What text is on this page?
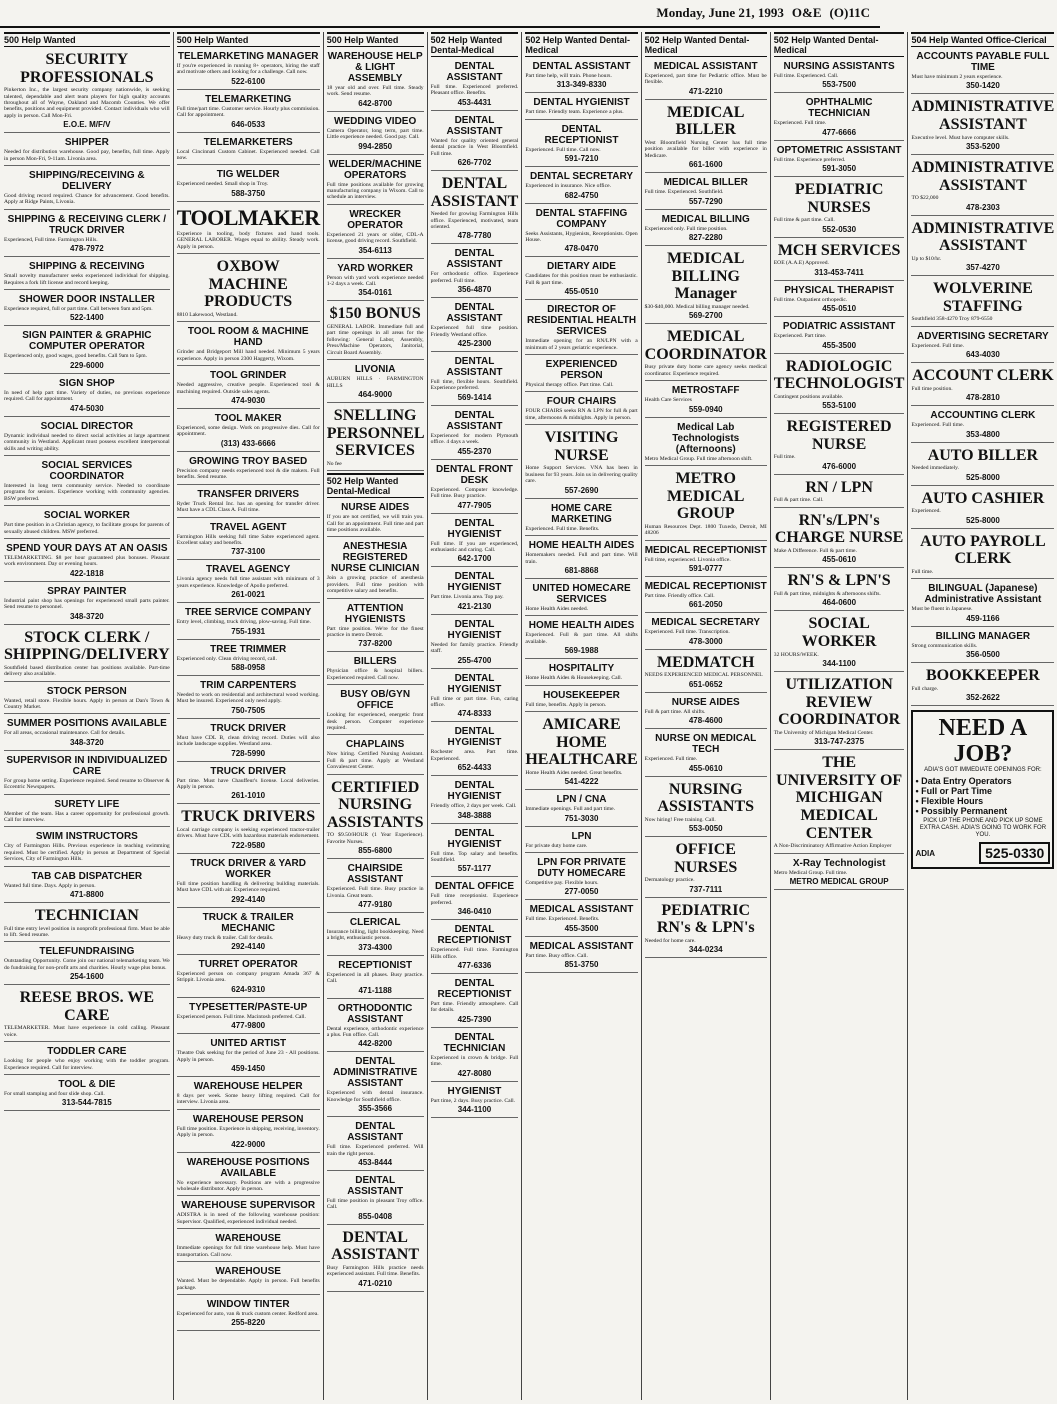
Monday, June 21, 1993 O&E (O)11C
500 Help Wanted
SECURITY PROFESSIONALS

Pinkerton Inc., the largest security company nationwide, is seeking talented, dependable and alert team players for high quality accounts throughout all of Wayne, Oakland and Macomb Counties. We offer benefits, positions and equipment provided. Contact individuals who will apply in person. Call Mon-Fri.

E.O.E. M/F/V
SHIPPER

Needed for distribution warehouse. Good pay, benefits, full time. Apply in person Mon-Fri, 9-11am. Livonia area.

SHIPPING/RECEIVING & DELIVERY

Good driving record required. Chance for advancement. Good benefits. Apply at Ridge Paints, Livonia.

SHIPPING & RECEIVING CLERK / TRUCK DRIVER

Experienced, Full time. Farmington Hills.

478-7972
SHIPPING & RECEIVING

Small novelty manufacturer seeks experienced individual for shipping. Requires a fork lift license and record keeping.

SHOWER DOOR INSTALLER

Experience required, full or part time. Call between 9am and 5pm.

522-1400
SIGN PAINTER & GRAPHIC COMPUTER OPERATOR

Experienced only, good wages, good benefits. Call 9am to 5pm.

229-6000
SIGN SHOP

In need of help part time. Variety of duties, no previous experience required. Call for appointment.

474-5030
SOCIAL DIRECTOR

Dynamic individual needed to direct social activities at large apartment community in Westland. Applicant must possess excellent interpersonal skills and writing ability.

SOCIAL SERVICES COORDINATOR

Interested in long term community service. Needed to coordinate programs for seniors. Experience working with community agencies. BSW preferred.

SOCIAL WORKER

Part time position in a Christian agency, to facilitate groups for parents of sexually abused children. MSW preferred.

SPEND YOUR DAYS AT AN OASIS

TELEMARKETING. $8 per hour guaranteed plus bonuses. Pleasant work environment. Day or evening hours.

422-1818
SPRAY PAINTER

Industrial paint shop has openings for experienced small parts painter. Send resume to personnel.

348-3720
STOCK CLERK / SHIPPING/DELIVERY

Southfield based distribution center has positions available. Part-time delivery also available.

STOCK PERSON

Wanted, retail store. Flexible hours. Apply in person at Dan's Town & Country Market.

SUMMER POSITIONS AVAILABLE

For all areas, occasional maintenance. Call for details.

348-3720
SUPERVISOR IN INDIVIDUALIZED CARE

For group home setting. Experience required. Send resume to Observer & Eccentric Newspapers.

SURETY LIFE

Member of the team. Has a career opportunity for professional growth. Call for interview.

SWIM INSTRUCTORS

City of Farmington Hills. Previous experience in teaching swimming required. Must be certified. Apply in person at Department of Special Services, City of Farmington Hills.

TAB CAB DISPATCHER

Wanted full time. Days. Apply in person.

471-8800
TECHNICIAN

Full time entry level position in nonprofit professional firm. Must be able to lift. Send resume.

TELEFUNDRAISING

Outstanding Opportunity. Come join our national telemarketing team. We do fundraising for non-profit arts and charities. Hourly wage plus bonus.

254-1600
REESE BROS. WE CARE

TELEMARKETER. Must have experience in cold calling. Pleasant voice.

TODDLER CARE

Looking for people who enjoy working with the toddler program. Experience required. Call for interview.

TOOL & DIE

For small stamping and four slide shop. Call.

313-544-7815
500 Help Wanted
TELEMARKETING MANAGER

If you're experienced in running 8+ operators, hiring the staff and motivate others and looking for a challenge. Call now.

522-6100
TELEMARKETING

Full time/part time. Customer service. Hourly plus commission. Call for appointment.

646-0533
TELEMARKETERS

Local Cincinnati Custom Cabinet. Experienced needed. Call now.

TIG WELDER

Experienced needed. Small shop in Troy.

588-3750
TOOLMAKER

Experience in tooling, body fixtures and hand tools. GENERAL LABORER. Wages equal to ability. Steady work. Apply in person.

OXBOW MACHINE PRODUCTS

8810 Lakewood, Westland.

TOOL ROOM & MACHINE HAND

Grinder and Bridgeport Mill hand needed. Minimum 5 years experience. Apply in person 2300 Haggerty, Wixom.

TOOL GRINDER

Needed aggressive, creative people. Experienced tool & machining required. Outside sales agents.

474-9030
TOOL MAKER

Experienced, some design. Work on progressive dies. Call for appointment.

(313) 433-6666
GROWING TROY BASED

Precision company needs experienced tool & die makers. Full benefits. Send resume.

TRANSFER DRIVERS

Ryder Truck Rental Inc. has an opening for transfer driver. Must have a CDL Class A. Full time.

TRAVEL AGENT

Farmington Hills seeking full time Sabre experienced agent. Excellent salary and benefits.

737-3100
TRAVEL AGENCY

Livonia agency needs full time assistant with minimum of 3 years experience. Knowledge of Apollo preferred.

261-0021
TREE SERVICE COMPANY

Entry level, climbing, truck driving, plow-saving. Full time.

755-1931
TREE TRIMMER

Experienced only. Clean driving record, call.

588-0958
TRIM CARPENTERS

Needed to work on residential and architectural wood working. Must be insured. Experienced only need apply.

750-7505
TRUCK DRIVER

Must have CDL B, clean driving record. Duties will also include landscape supplies. Westland area.

728-5990
TRUCK DRIVER

Part time. Must have Chauffeur's license. Local deliveries. Apply in person.

261-1010
TRUCK DRIVERS

Local carriage company is seeking experienced tractor-trailer drivers. Must have CDL with hazardous materials endorsement.

722-9580
TRUCK DRIVER & YARD WORKER

Full time position handling & delivering building materials. Must have CDL with air. Experience required.

292-4140
TRUCK & TRAILER MECHANIC

Heavy duty truck & trailer. Call for details.

292-4140
TURRET OPERATOR

Experienced person on company program Amada 367 & Strippit. Livonia area.

624-9310
TYPESETTER/PASTE-UP

Experienced person. Full time. Macintosh preferred. Call.

477-9800
UNITED ARTIST

Theatre Oak seeking for the period of June 23 - All positions. Apply in person.

459-1450
WAREHOUSE HELPER

8 days per week. Some heavy lifting required. Call for interview. Livonia area.

WAREHOUSE PERSON

Full time position. Experience in shipping, receiving, inventory. Apply in person.

422-9000
WAREHOUSE POSITIONS AVAILABLE

No experience necessary. Positions are with a progressive wholesale distributor. Apply in person.

WAREHOUSE SUPERVISOR

ADISTRA is in need of the following warehouse position: Supervisor. Qualified, experienced individual needed.

WAREHOUSE

Immediate openings for full time warehouse help. Must have transportation. Call now.

WAREHOUSE

Wanted. Must be dependable. Apply in person. Full benefits package.

WINDOW TINTER

Experienced for auto, van & truck custom center. Redford area.

255-8220
500 Help Wanted
WAREHOUSE HELP & LIGHT ASSEMBLY

18 year old and over. Full time. Steady work. Send resume.

642-8700
WEDDING VIDEO

Camera Operator, long term, part time. Little experience needed. Good pay. Call.

994-2850
WELDER/MACHINE OPERATORS

Full time positions available for growing manufacturing company in Wixom. Call to schedule an interview.

WRECKER OPERATOR

Experienced 21 years or older, CDL-A license, good driving record. Southfield.

354-6113
YARD WORKER

Person with yard work experience needed 1-2 days a week. Call.

354-0161
$150 BONUS

GENERAL LABOR. Immediate full and part time openings in all areas for the following: General Labor, Assembly, Press/Machine Operators, Janitorial, Circuit Board Assembly.

LIVONIA

AUBURN HILLS · FARMINGTON HILLS

464-9000
SNELLING PERSONNEL SERVICES

No fee

502 Help Wanted Dental-Medical
NURSE AIDES

If you are not certified, we will train you. Call for an appointment. Full time and part time positions available.

ANESTHESIA REGISTERED NURSE CLINICIAN

Join a growing practice of anesthesia providers. Full time position with competitive salary and benefits.

ATTENTION HYGIENISTS

Part time position. We're for the finest practice in metro Detroit.

737-8200
BILLERS

Physician office & hospital billers. Experienced required. Call now.

BUSY OB/GYN OFFICE

Looking for experienced, energetic front desk person. Computer experience required.

CHAPLAINS

Now hiring. Certified Nursing Assistant. Full & part time. Apply at Westland Convalescent Center.

CERTIFIED NURSING ASSISTANTS

TO $9.50/HOUR (1 Year Experience). Favorite Nurses.

855-6800
CHAIRSIDE ASSISTANT

Experienced. Full time. Busy practice in Livonia. Great team.

477-9180
CLERICAL

Insurance billing, light bookkeeping. Need a bright, enthusiastic person.

373-4300
RECEPTIONIST

Experienced in all phases. Busy practice. Call.

471-1188
ORTHODONTIC ASSISTANT

Dental experience, orthodontic experience a plus. Fun office. Call.

442-8200
DENTAL ADMINISTRATIVE ASSISTANT

Experienced with dental insurance. Knowledge for Southfield office.

355-3566
DENTAL ASSISTANT

Full time. Experienced preferred. Will train the right person.

453-8444
DENTAL ASSISTANT

Full time position in pleasant Troy office. Call.

855-0408
DENTAL ASSISTANT

Busy Farmington Hills practice needs experienced assistant. Full time. Benefits.

471-0210
502 Help Wanted Dental-Medical
DENTAL ASSISTANT

Full time. Experienced preferred. Pleasant office. Benefits.

453-4431
DENTAL ASSISTANT

Wanted for quality oriented general dental practice in West Bloomfield. Full time.

626-7702
DENTAL ASSISTANT

Needed for growing Farmington Hills office. Experienced, motivated, team oriented.

478-7780
DENTAL ASSISTANT

For orthodontic office. Experience preferred. Full time.

356-4870
DENTAL ASSISTANT

Experienced full time position. Friendly Westland office.

425-2300
DENTAL ASSISTANT

Full time, flexible hours. Southfield. Experience preferred.

569-1414
DENTAL ASSISTANT

Experienced for modern Plymouth office. 4 days a week.

455-2370
DENTAL FRONT DESK

Experienced. Computer knowledge. Full time. Busy practice.

477-7905
DENTAL HYGIENIST

Full time. If you are experienced, enthusiastic and caring. Call.

642-1700
DENTAL HYGIENIST

Part time. Livonia area. Top pay.

421-2130
DENTAL HYGIENIST

Needed for family practice. Friendly staff.

255-4700
DENTAL HYGIENIST

Full time or part time. Fun, caring office.

474-8333
DENTAL HYGIENIST

Rochester area. Part time. Experienced.

652-4433
DENTAL HYGIENIST

Friendly office, 2 days per week. Call.

348-3888
DENTAL HYGIENIST

Full time. Top salary and benefits. Southfield.

557-1177
DENTAL OFFICE

Full time receptionist. Experience preferred.

346-0410
DENTAL RECEPTIONIST

Experienced. Full time. Farmington Hills office.

477-6336
DENTAL RECEPTIONIST

Part time. Friendly atmosphere. Call for details.

425-7390
DENTAL TECHNICIAN

Experienced in crown & bridge. Full time.

427-8080
HYGIENIST

Part time, 2 days. Busy practice. Call.

344-1100
502 Help Wanted Dental-Medical
DENTAL ASSISTANT

Part time help, will train. Phone hours.

313-349-8330
DENTAL HYGIENIST

Part time. Friendly team. Experience a plus.

DENTAL RECEPTIONIST

Experienced. Full time. Call now.

591-7210
DENTAL SECRETARY

Experienced in insurance. Nice office.

682-4750
DENTAL STAFFING COMPANY

Seeks Assistants, Hygienists, Receptionists. Open House.

478-0470
DIETARY AIDE

Candidates for this position must be enthusiastic. Full & part time.

455-0510
DIRECTOR OF RESIDENTIAL HEALTH SERVICES

Immediate opening for an RN/LPN with a minimum of 2 years geriatric experience.

EXPERIENCED PERSON

Physical therapy office. Part time. Call.

FOUR CHAIRS

FOUR CHAIRS seeks RN & LPN for full & part time, afternoons & midnights. Apply in person.

VISITING NURSE

Home Support Services. VNA has been in business for 93 years. Join us in delivering quality care.

557-2690
HOME CARE MARKETING

Experienced. Full time. Benefits.

HOME HEALTH AIDES

Homemakers needed. Full and part time. Will train.

681-8868
UNITED HOMECARE SERVICES

Home Health Aides needed.

HOME HEALTH AIDES

Experienced. Full & part time. All shifts available.

569-1988
HOSPITALITY

Home Health Aides & Housekeeping. Call.

HOUSEKEEPER

Full time, benefits. Apply in person.

AMICARE HOME HEALTHCARE

Home Health Aides needed. Great benefits.

541-4222
LPN / CNA

Immediate openings. Full and part time.

751-3030
LPN

For private duty home care.

LPN FOR PRIVATE DUTY HOMECARE

Competitive pay. Flexible hours.

277-0050
MEDICAL ASSISTANT

Full time. Experienced. Benefits.

455-3500
MEDICAL ASSISTANT

Part time. Busy office. Call.

851-3750
502 Help Wanted Dental-Medical
MEDICAL ASSISTANT

Experienced, part time for Pediatric office. Must be flexible.

471-2210
MEDICAL BILLER

West Bloomfield Nursing Center has full time position available for biller with experience in Medicare.

661-1600
MEDICAL BILLER

Full time. Experienced. Southfield.

557-7290
MEDICAL BILLING

Experienced only. Full time position.

827-2280
MEDICAL BILLING Manager

$30-$40,000. Medical billing manager needed.

569-2700
MEDICAL COORDINATOR

Busy private duty home care agency seeks medical coordinator. Experience required.

METROSTAFF

Health Care Services

559-0940
Medical Lab Technologists (Afternoons)

Metro Medical Group. Full time afternoon shift.

METRO MEDICAL GROUP

Human Resources Dept. 1800 Tuxedo, Detroit, MI 48206

MEDICAL RECEPTIONIST

Full time, experienced. Livonia office.

591-0777
MEDICAL RECEPTIONIST

Part time. Friendly office. Call.

661-2050
MEDICAL SECRETARY

Experienced. Full time. Transcription.

478-3000
MEDMATCH

NEEDS EXPERIENCED MEDICAL PERSONNEL

651-0652
NURSE AIDES

Full & part time. All shifts.

478-4600
NURSE ON MEDICAL TECH

Experienced. Full time.

455-0610
NURSING ASSISTANTS

Now hiring! Free training. Call.

553-0050
OFFICE NURSES

Dermatology practice.

737-7111
PEDIATRIC RN's & LPN's

Needed for home care.

344-0234
502 Help Wanted Dental-Medical
NURSING ASSISTANTS

Full time. Experienced. Call.

553-7500
OPHTHALMIC TECHNICIAN

Experienced. Full time.

477-6666
OPTOMETRIC ASSISTANT

Full time. Experience preferred.

591-3050
PEDIATRIC NURSES

Full time & part time. Call.

552-0530
MCH SERVICES

EOE (A.A.E) Approved.

313-453-7411
PHYSICAL THERAPIST

Full time. Outpatient orthopedic.

455-0510
PODIATRIC ASSISTANT

Experienced. Part time.

455-3500
RADIOLOGIC TECHNOLOGIST

Contingent positions available.

553-5100
REGISTERED NURSE

Full time.

476-6000
RN / LPN

Full & part time. Call.

RN's/LPN's CHARGE NURSE

Make A Difference. Full & part time.

455-0610
RN'S & LPN'S

Full & part time, midnights & afternoons shifts.

464-0600
SOCIAL WORKER

32 HOURS/WEEK.

344-1100
UTILIZATION REVIEW COORDINATOR

The University of Michigan Medical Center.

313-747-2375
THE UNIVERSITY OF MICHIGAN MEDICAL CENTER

A Non-Discriminatory Affirmative Action Employer

X-Ray Technologist

Metro Medical Group. Full time.

METRO MEDICAL GROUP
504 Help Wanted Office-Clerical
ACCOUNTS PAYABLE FULL TIME

Must have minimum 2 years experience.

350-1420
ADMINISTRATIVE ASSISTANT

Executive level. Must have computer skills.

353-5200
ADMINISTRATIVE ASSISTANT

TO $22,000

478-2303
ADMINISTRATIVE ASSISTANT

Up to $10/hr.

357-4270
WOLVERINE STAFFING

Southfield 358-4270 Troy 879-6550

ADVERTISING SECRETARY

Experienced. Full time.

643-4030
ACCOUNT CLERK

Full time position.

478-2810
ACCOUNTING CLERK

Experienced. Full time.

353-4800
AUTO BILLER

Needed immediately.

525-8000
AUTO CASHIER

Experienced.

525-8000
AUTO PAYROLL CLERK

Full time.

BILINGUAL (Japanese) Administrative Assistant

Must be fluent in Japanese.

459-1166
BILLING MANAGER

Strong communication skills.

356-0500
BOOKKEEPER

Full charge.

352-2622
NEED A JOB?
ADIA'S GOT IMMEDIATE OPENINGS FOR:
• Data Entry Operators
• Full or Part Time
• Flexible Hours
• Possibly Permanent
PICK UP THE PHONE AND PICK UP SOME EXTRA CASH. ADIA'S GOING TO WORK FOR YOU.
ADIA	525-0330
